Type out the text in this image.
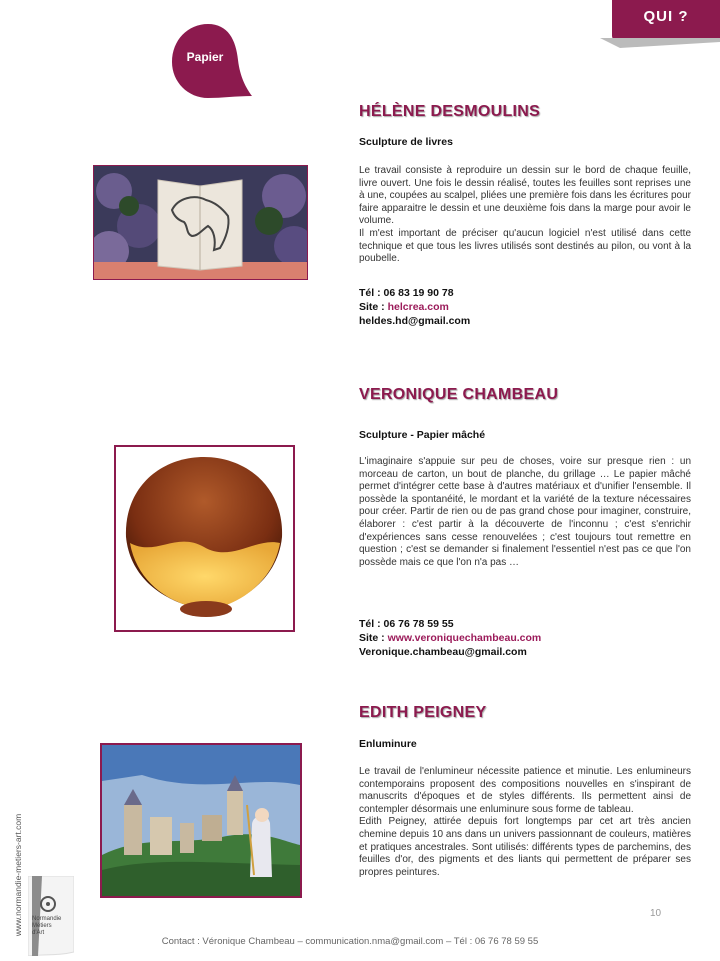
QUI ?
Papier
HÉLÈNE DESMOULINS
Sculpture de livres

Le travail consiste à reproduire un dessin sur le bord de chaque feuille, livre ouvert. Une fois le dessin réalisé, toutes les feuilles sont reprises une à une, coupées au scalpel, pliées une première fois dans les écritures pour faire apparaitre le dessin et une deuxième fois dans la marge pour avoir le volume.

Il m'est important de préciser qu'aucun logiciel n'est utilisé dans cette technique et que tous les livres utilisés sont destinés au pilon, ou vont à la poubelle.

Tél : 06 83 19 90 78
Site : helcrea.com
heldes.hd@gmail.com
VERONIQUE CHAMBEAU
Sculpture - Papier mâché

L'imaginaire s'appuie sur peu de choses, voire sur presque rien : un morceau de carton, un bout de planche, du grillage … Le papier mâché permet d'intégrer cette base à d'autres matériaux et d'unifier l'ensemble. Il possède la spontanéité, le mordant et la variété de la texture nécessaires pour créer. Partir de rien ou de pas grand chose pour imaginer, construire, élaborer : c'est partir à la découverte de l'inconnu ; c'est s'enrichir d'expériences sans cesse renouvelées ; c'est toujours tout remettre en question ; c'est se demander si finalement l'essentiel n'est pas ce que l'on possède mais ce que l'on n'a pas …

Tél : 06 76 78 59 55
Site : www.veroniquechambeau.com
Veronique.chambeau@gmail.com
EDITH PEIGNEY
Enluminure

Le travail de l'enlumineur nécessite patience et minutie. Les enlumineurs contemporains proposent des compositions nouvelles en s'inspirant de manuscrits d'époques et de styles différents. Ils permettent ainsi de contempler désormais une enluminure sous forme de tableau.

Edith Peigney, attirée depuis fort longtemps par cet art très ancien chemine depuis 10 ans dans un univers passionnant de couleurs, matières et pratiques ancestrales. Sont utilisés: différents types de parchemins, des feuilles d'or, des pigments et des liants qui permettent de préparer ses propres peintures.

www.normandie-metiers-art.com	Normandie
Métiers
d'Art
10
Contact : Véronique Chambeau – communication.nma@gmail.com – Tél : 06 76 78 59 55
